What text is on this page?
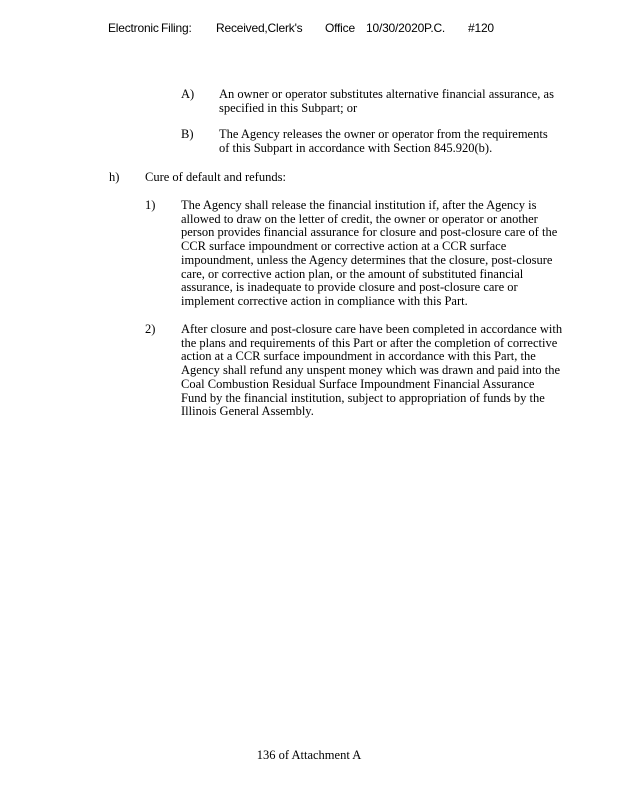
Electronic Filing: Received,Clerk's Office 10/30/2020P.C. #120
A) An owner or operator substitutes alternative financial assurance, as
specified in this Subpart; or
B) The Agency releases the owner or operator from the requirements
of this Subpart in accordance with Section 845.920(b).
h) Cure of default and refunds:
1) The Agency shall release the financial institution if, after the Agency is
allowed to draw on the letter of credit, the owner or operator or another
person provides financial assurance for closure and post-closure care of the
CCR surface impoundment or corrective action at a CCR surface
impoundment, unless the Agency determines that the closure, post-closure
care, or corrective action plan, or the amount of substituted financial
assurance, is inadequate to provide closure and post-closure care or
implement corrective action in compliance with this Part.
2) After closure and post-closure care have been completed in accordance with
the plans and requirements of this Part or after the completion of corrective
action at a CCR surface impoundment in accordance with this Part, the
Agency shall refund any unspent money which was drawn and paid into the
Coal Combustion Residual Surface Impoundment Financial Assurance
Fund by the financial institution, subject to appropriation of funds by the
Illinois General Assembly.
136 of Attachment A
